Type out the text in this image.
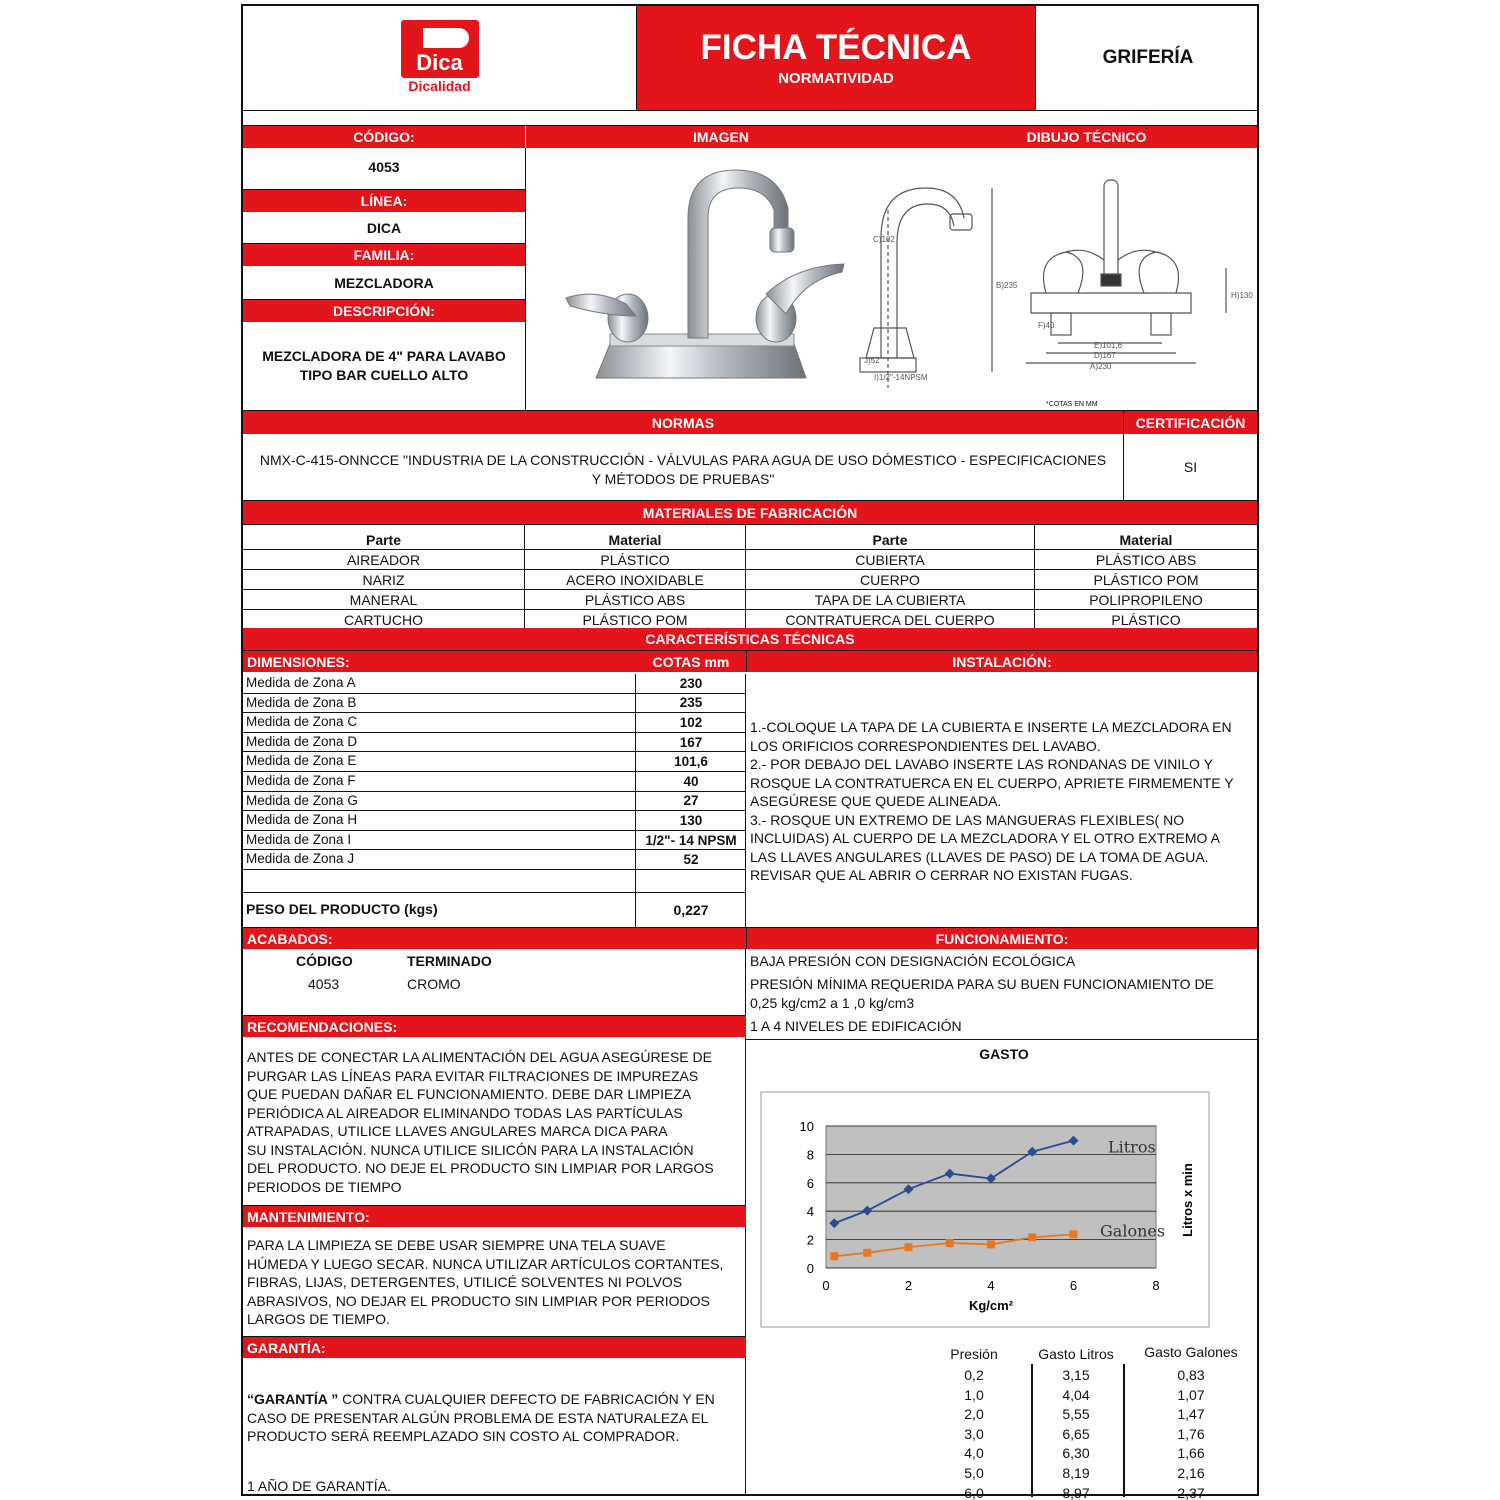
Dica
Dicalidad
FICHA TÉCNICA
NORMATIVIDAD
GRIFERÍA
CÓDIGO:
4053
LÍNEA:
DICA
FAMILIA:
MEZCLADORA
DESCRIPCIÓN:
MEZCLADORA DE 4" PARA LAVABO
TIPO BAR CUELLO ALTO
IMAGEN	DIBUJO TÉCNICO
C)102
B)235
J)52
I)1/2"-14NPSM
E)101,6
D)167
A)230
H)130
F)40
*COTAS EN MM
NORMAS	CERTIFICACIÓN
NMX-C-415-ONNCCE "INDUSTRIA DE LA CONSTRUCCIÓN - VÁLVULAS PARA AGUA DE USO DÓMESTICO - ESPECIFICACIONES
Y MÉTODOS DE PRUEBAS"
SI
MATERIALES DE FABRICACIÓN
Parte	Material	Parte	Material
AIREADOR	PLÁSTICO	CUBIERTA	PLÁSTICO ABS
NARIZ	ACERO INOXIDABLE	CUERPO	PLÁSTICO POM
MANERAL	PLÁSTICO ABS	TAPA DE LA CUBIERTA	POLIPROPILENO
CARTUCHO	PLÁSTICO POM	CONTRATUERCA DEL CUERPO	PLÁSTICO
CARACTERÍSTICAS TÉCNICAS
DIMENSIONES:	COTAS mm	INSTALACIÓN:
Medida de Zona A	230
Medida de Zona B	235
Medida de Zona C	102
Medida de Zona D	167
Medida de Zona E	101,6
Medida de Zona F	40
Medida de Zona G	27
Medida de Zona H	130
Medida de Zona I	1/2"- 14 NPSM
Medida de Zona J	52
PESO DEL PRODUCTO (kgs)	0,227
1.-COLOQUE LA TAPA DE LA CUBIERTA E INSERTE LA MEZCLADORA EN
LOS ORIFICIOS CORRESPONDIENTES DEL LAVABO.
2.- POR DEBAJO DEL LAVABO INSERTE LAS RONDANAS DE VINILO Y
ROSQUE LA CONTRATUERCA EN EL CUERPO, APRIETE FIRMEMENTE Y
ASEGÚRESE QUE QUEDE ALINEADA.
3.- ROSQUE UN EXTREMO DE LAS MANGUERAS FLEXIBLES( NO
INCLUIDAS) AL CUERPO DE LA MEZCLADORA Y EL OTRO EXTREMO A
LAS LLAVES ANGULARES (LLAVES DE PASO) DE LA TOMA DE AGUA.
REVISAR QUE AL ABRIR O CERRAR NO EXISTAN FUGAS.
ACABADOS:	FUNCIONAMIENTO:
CÓDIGO	TERMINADO
4053	CROMO
BAJA PRESIÓN CON DESIGNACIÓN ECOLÓGICA
PRESIÓN MÍNIMA REQUERIDA PARA SU BUEN FUNCIONAMIENTO DE
0,25 kg/cm2 a 1 ,0 kg/cm3
1 A 4 NIVELES DE EDIFICACIÓN
RECOMENDACIONES:
ANTES DE CONECTAR LA ALIMENTACIÓN DEL AGUA ASEGÚRESE DE
PURGAR LAS LÍNEAS PARA EVITAR FILTRACIONES DE IMPUREZAS
QUE PUEDAN DAÑAR EL FUNCIONAMIENTO. DEBE DAR LIMPIEZA
PERIÓDICA AL AIREADOR ELIMINANDO TODAS LAS PARTÍCULAS
ATRAPADAS, UTILICE LLAVES ANGULARES MARCA DICA PARA
SU INSTALACIÓN. NUNCA UTILICE SILICÓN PARA LA INSTALACIÓN
DEL PRODUCTO. NO DEJE EL PRODUCTO SIN LIMPIAR POR LARGOS
PERIODOS DE TIEMPO
MANTENIMIENTO:
PARA LA LIMPIEZA SE DEBE USAR SIEMPRE UNA TELA SUAVE
HÚMEDA Y LUEGO SECAR. NUNCA UTILIZAR ARTÍCULOS CORTANTES,
FIBRAS, LIJAS, DETERGENTES, UTILICÉ SOLVENTES NI POLVOS
ABRASIVOS, NO DEJAR EL PRODUCTO SIN LIMPIAR POR PERIODOS
LARGOS DE TIEMPO.
GARANTÍA:
“GARANTÍA ” CONTRA CUALQUIER DEFECTO DE FABRICACIÓN Y EN
CASO DE PRESENTAR ALGÚN PROBLEMA DE ESTA NATURALEZA EL
PRODUCTO SERÁ REEMPLAZADO SIN COSTO AL COMPRADOR.
1 AÑO DE GARANTÍA.
GASTO
0
2
4
6
8
10
0	2	4	6	8
Kg/cm²
Litros x min
Litros
Galones
Presión	Gasto Litros	Gasto Galones
0,2	3,15	0,83
1,0	4,04	1,07
2,0	5,55	1,47
3,0	6,65	1,76
4,0	6,30	1,66
5,0	8,19	2,16
6,0	8,97	2,37
